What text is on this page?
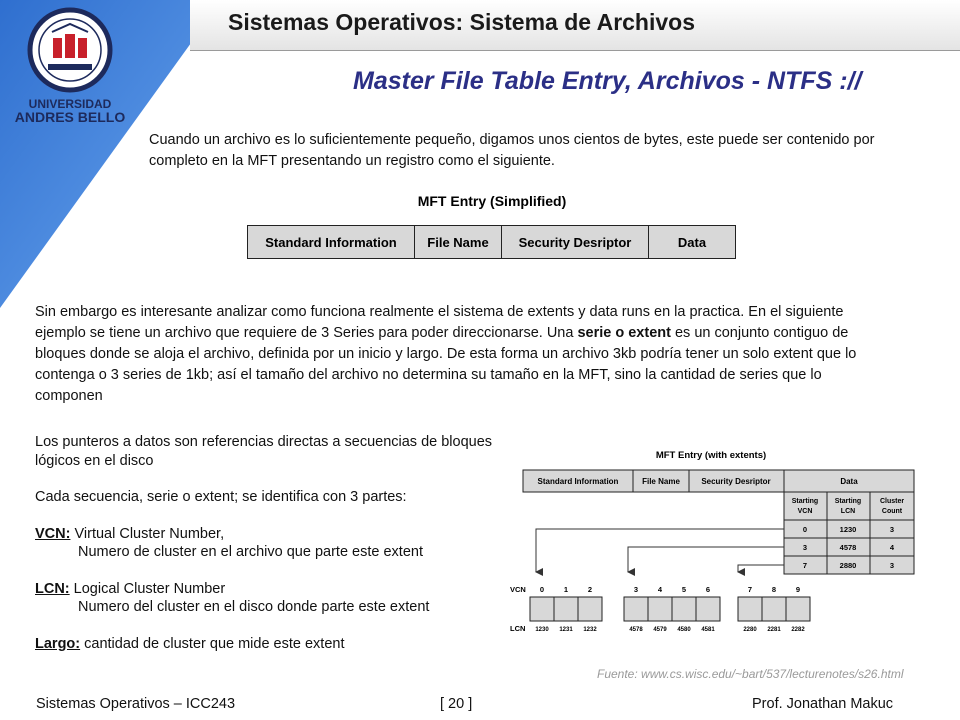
Sistemas Operativos: Sistema de Archivos
UNIVERSIDAD
ANDRES BELLO
Master File Table Entry, Archivos - NTFS ://
Cuando un archivo es lo suficientemente pequeño, digamos unos cientos de bytes, este puede ser contenido por completo en la MFT presentando un registro como el siguiente.
MFT Entry (Simplified)
Standard Information	File Name	Security Desriptor	Data
Sin embargo es interesante analizar como funciona realmente el sistema de extents y data runs en la practica. En el siguiente ejemplo se tiene un archivo que requiere de 3 Series para poder direccionarse. Una serie o extent es un conjunto contiguo de bloques donde se aloja el archivo, definida por un inicio y largo. De esta forma un archivo 3kb podría tener un solo extent que lo contenga o 3 series de 1kb; así el tamaño del archivo no determina su tamaño en la MFT, sino la cantidad de series que lo componen
Los punteros a datos son referencias directas a secuencias de bloques lógicos en el disco
Cada secuencia, serie o extent; se identifica con 3 partes:
VCN: Virtual Cluster Number,
Numero de cluster en el archivo que parte este extent
LCN: Logical Cluster Number
Numero del cluster en el disco donde parte este extent
Largo: cantidad de cluster que mide este extent
MFT Entry (with extents)
Standard Information	File Name	Security Desriptor	Data
Starting
VCN
Starting
LCN
Cluster
Count
0	1230	3
3	4578	4
7	2880	3
VCN
LCN
0	1	2
1230 1231 1232
3	4	5	6
4578 4579 4580 4581
7	8	9
2280 2281 2282
Fuente: www.cs.wisc.edu/~bart/537/lecturenotes/s26.html
Sistemas Operativos – ICC243	[ 20 ]	Prof. Jonathan Makuc
